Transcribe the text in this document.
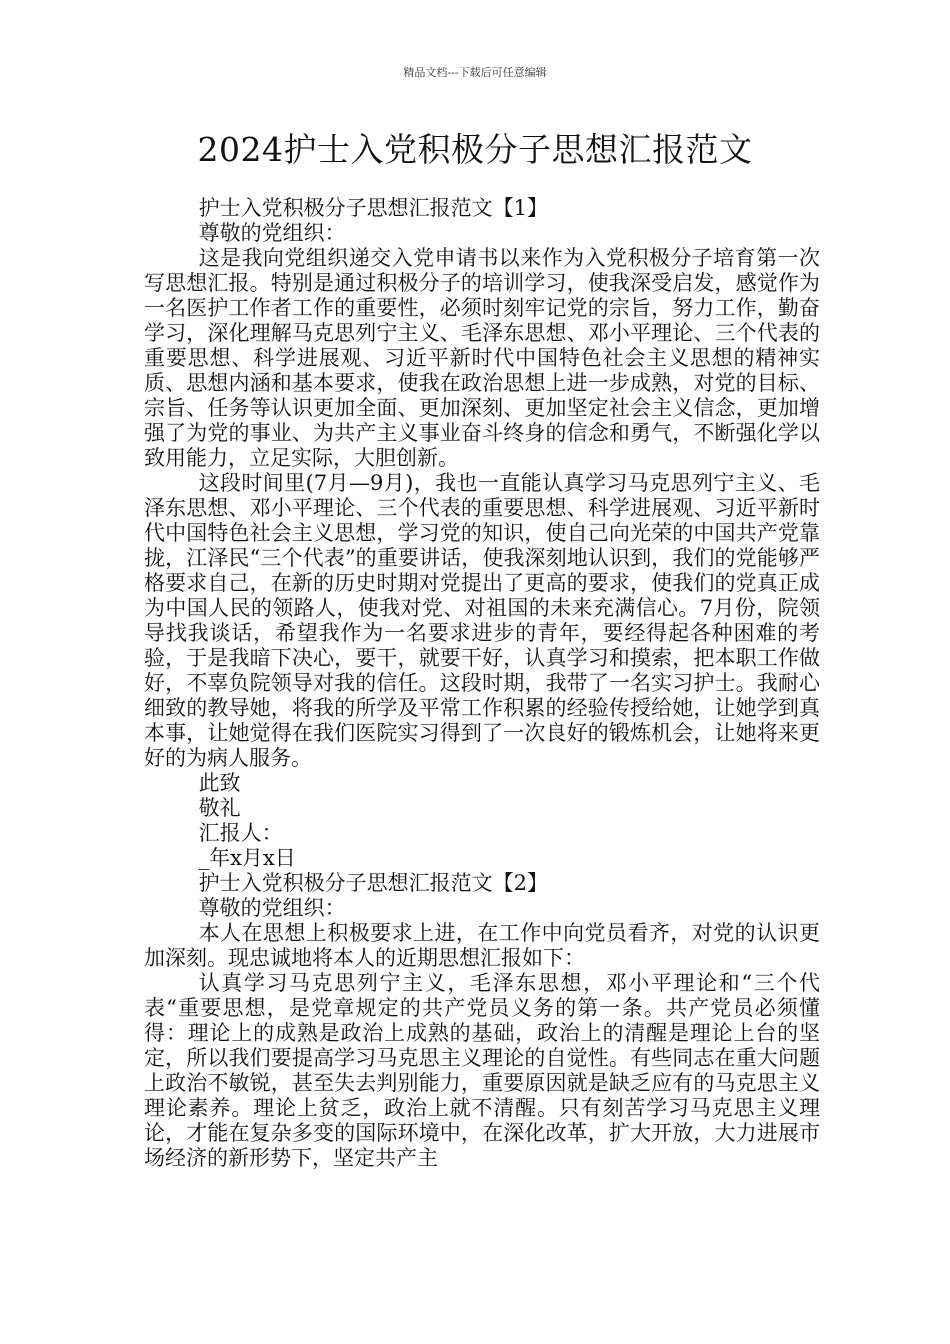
精品文档---下载后可任意编辑
2024护士入党积极分子思想汇报范文

护士入党积极分子思想汇报范文【1】

尊敬的党组织：

这是我向党组织递交入党申请书以来作为入党积极分子培育第一次写思想汇报。特别是通过积极分子的培训学习，使我深受启发，感觉作为一名医护工作者工作的重要性，必须时刻牢记党的宗旨，努力工作，勤奋学习，深化理解马克思列宁主义、毛泽东思想、邓小平理论、三个代表的重要思想、科学进展观、习近平新时代中国特色社会主义思想的精神实质、思想内涵和基本要求，使我在政治思想上进一步成熟，对党的目标、宗旨、任务等认识更加全面、更加深刻、更加坚定社会主义信念，更加增强了为党的事业、为共产主义事业奋斗终身的信念和勇气，不断强化学以致用能力，立足实际，大胆创新。

这段时间里(7月—9月)，我也一直能认真学习马克思列宁主义、毛泽东思想、邓小平理论、三个代表的重要思想、科学进展观、习近平新时代中国特色社会主义思想，学习党的知识，使自己向光荣的中国共产党靠拢，江泽民“三个代表”的重要讲话，使我深刻地认识到，我们的党能够严格要求自己，在新的历史时期对党提出了更高的要求，使我们的党真正成为中国人民的领路人，使我对党、对祖国的未来充满信心。7月份，院领导找我谈话，希望我作为一名要求进步的青年，要经得起各种困难的考验，于是我暗下决心，要干，就要干好，认真学习和摸索，把本职工作做好，不辜负院领导对我的信任。这段时期，我带了一名实习护士。我耐心细致的教导她，将我的所学及平常工作积累的经验传授给她，让她学到真本事，让她觉得在我们医院实习得到了一次良好的锻炼机会，让她将来更好的为病人服务。

此致

敬礼

汇报人：

_年x月x日

护士入党积极分子思想汇报范文【2】

尊敬的党组织：

本人在思想上积极要求上进，在工作中向党员看齐，对党的认识更加深刻。现忠诚地将本人的近期思想汇报如下：

认真学习马克思列宁主义，毛泽东思想，邓小平理论和“三个代表“重要思想，是党章规定的共产党员义务的第一条。共产党员必须懂得：理论上的成熟是政治上成熟的基础，政治上的清醒是理论上台的坚定，所以我们要提高学习马克思主义理论的自觉性。有些同志在重大问题上政治不敏锐，甚至失去判别能力，重要原因就是缺乏应有的马克思主义理论素养。理论上贫乏，政治上就不清醒。只有刻苦学习马克思主义理论，才能在复杂多变的国际环境中，在深化改革，扩大开放，大力进展市场经济的新形势下，坚定共产主
